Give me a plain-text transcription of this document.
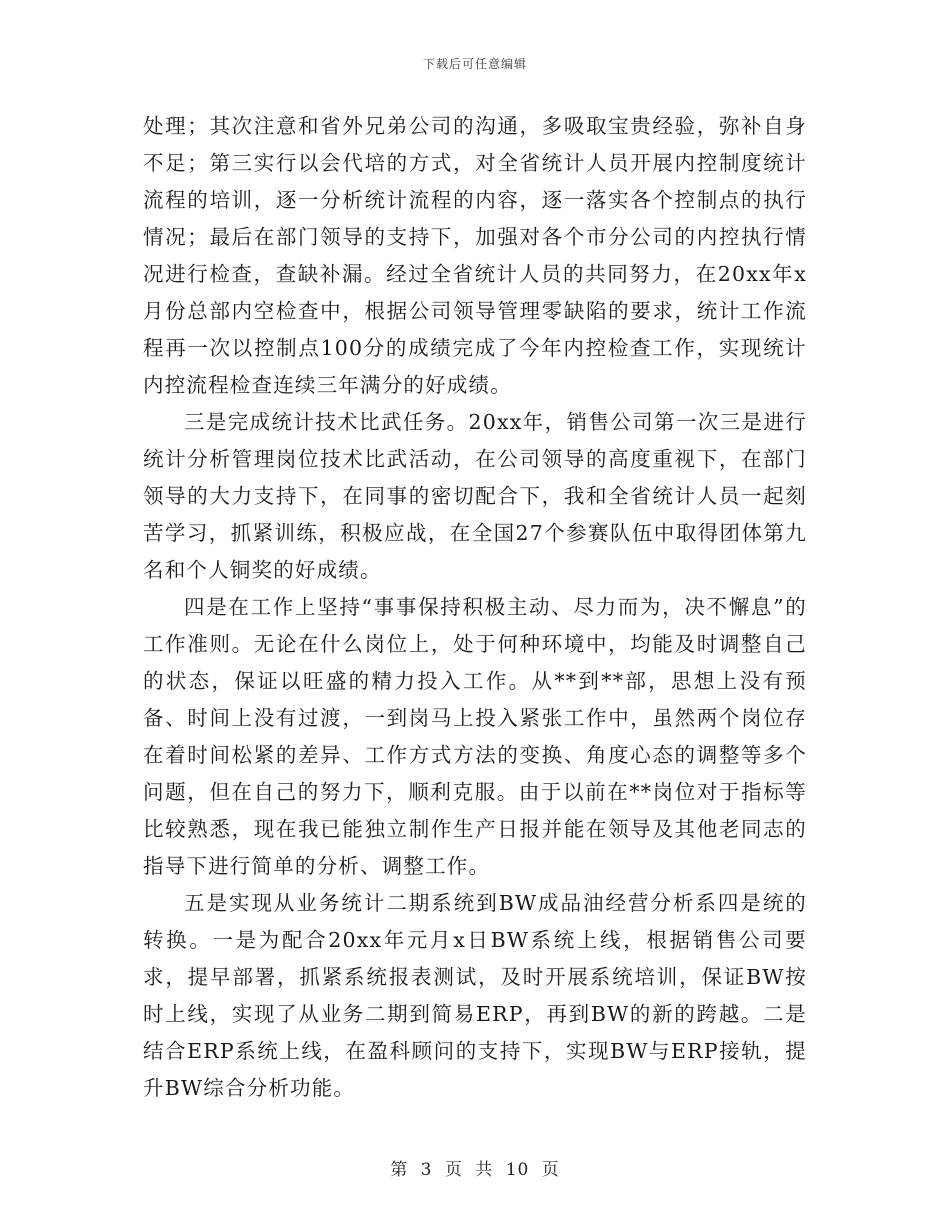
下载后可任意编辑

处理；其次注意和省外兄弟公司的沟通，多吸取宝贵经验，弥补自身不足；第三实行以会代培的方式，对全省统计人员开展内控制度统计流程的培训，逐一分析统计流程的内容，逐一落实各个控制点的执行情况；最后在部门领导的支持下，加强对各个市分公司的内控执行情况进行检查，查缺补漏。经过全省统计人员的共同努力，在20xx年x月份总部内空检查中，根据公司领导管理零缺陷的要求，统计工作流程再一次以控制点100分的成绩完成了今年内控检查工作，实现统计内控流程检查连续三年满分的好成绩。

三是完成统计技术比武任务。20xx年，销售公司第一次三是进行统计分析管理岗位技术比武活动，在公司领导的高度重视下，在部门领导的大力支持下，在同事的密切配合下，我和全省统计人员一起刻苦学习，抓紧训练，积极应战，在全国27个参赛队伍中取得团体第九名和个人铜奖的好成绩。

四是在工作上坚持“事事保持积极主动、尽力而为，决不懈息”的工作准则。无论在什么岗位上，处于何种环境中，均能及时调整自己的状态，保证以旺盛的精力投入工作。从**到**部，思想上没有预备、时间上没有过渡，一到岗马上投入紧张工作中，虽然两个岗位存在着时间松紧的差异、工作方式方法的变换、角度心态的调整等多个问题，但在自己的努力下，顺利克服。由于以前在**岗位对于指标等比较熟悉，现在我已能独立制作生产日报并能在领导及其他老同志的指导下进行简单的分析、调整工作。

五是实现从业务统计二期系统到BW成品油经营分析系四是统的转换。一是为配合20xx年元月x日BW系统上线，根据销售公司要求，提早部署，抓紧系统报表测试，及时开展系统培训，保证BW按时上线，实现了从业务二期到简易ERP，再到BW的新的跨越。二是结合ERP系统上线，在盈科顾问的支持下，实现BW与ERP接轨，提升BW综合分析功能。

第 3 页 共 10 页
